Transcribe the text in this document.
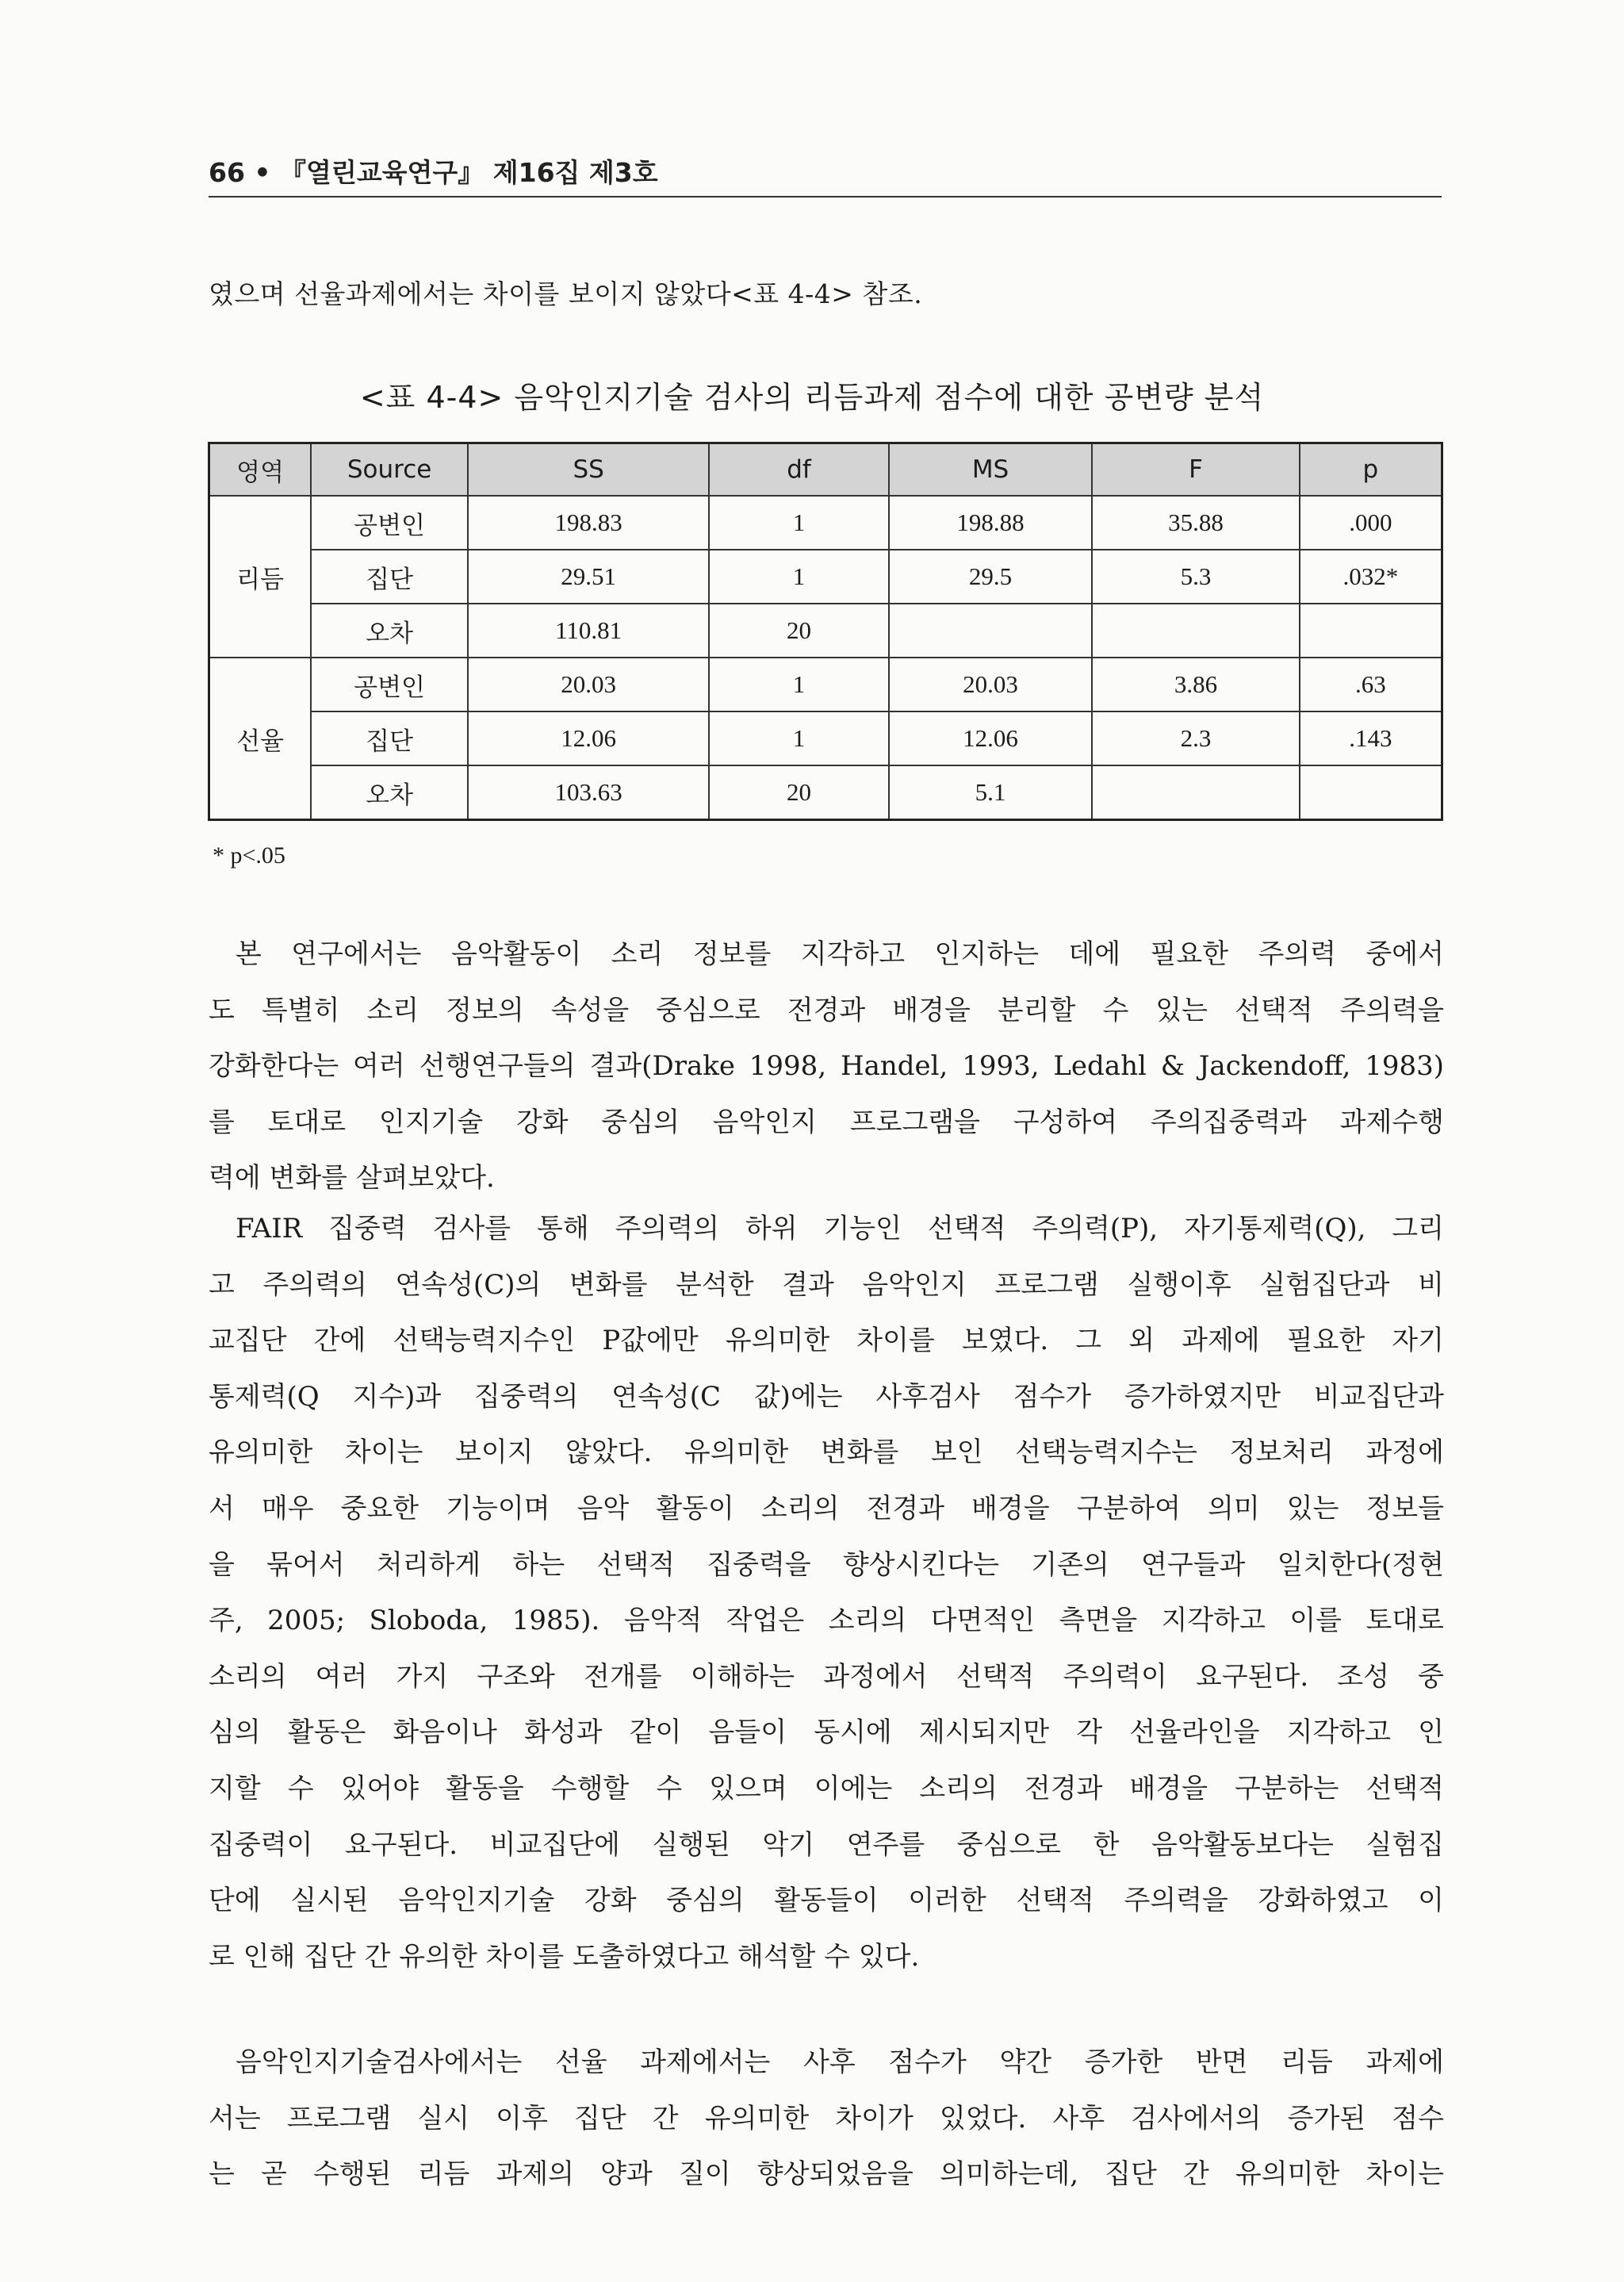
66 • 『열린교육연구』 제16집 제3호
였으며 선율과제에서는 차이를 보이지 않았다<표 4-4> 참조.
<표 4-4> 음악인지기술 검사의 리듬과제 점수에 대한 공변량 분석
영역	Source	SS	df	MS	F	p
리듬	공변인	198.83	1	198.88	35.88	.000
	집단	29.51	1	29.5	5.3	.032*
	오차	110.81	20			
선율	공변인	20.03	1	20.03	3.86	.63
	집단	12.06	1	12.06	2.3	.143
	오차	103.63	20	5.1		
* p<.05

본 연구에서는 음악활동이 소리 정보를 지각하고 인지하는 데에 필요한 주의력 중에서

도 특별히 소리 정보의 속성을 중심으로 전경과 배경을 분리할 수 있는 선택적 주의력을

강화한다는 여러 선행연구들의 결과(Drake 1998, Handel, 1993, Ledahl & Jackendoff, 1983)

를 토대로 인지기술 강화 중심의 음악인지 프로그램을 구성하여 주의집중력과 과제수행

력에 변화를 살펴보았다.

FAIR 집중력 검사를 통해 주의력의 하위 기능인 선택적 주의력(P), 자기통제력(Q), 그리

고 주의력의 연속성(C)의 변화를 분석한 결과 음악인지 프로그램 실행이후 실험집단과 비

교집단 간에 선택능력지수인 P값에만 유의미한 차이를 보였다. 그 외 과제에 필요한 자기

통제력(Q 지수)과 집중력의 연속성(C 값)에는 사후검사 점수가 증가하였지만 비교집단과

유의미한 차이는 보이지 않았다. 유의미한 변화를 보인 선택능력지수는 정보처리 과정에

서 매우 중요한 기능이며 음악 활동이 소리의 전경과 배경을 구분하여 의미 있는 정보들

을 묶어서 처리하게 하는 선택적 집중력을 향상시킨다는 기존의 연구들과 일치한다(정현

주, 2005; Sloboda, 1985). 음악적 작업은 소리의 다면적인 측면을 지각하고 이를 토대로

소리의 여러 가지 구조와 전개를 이해하는 과정에서 선택적 주의력이 요구된다. 조성 중

심의 활동은 화음이나 화성과 같이 음들이 동시에 제시되지만 각 선율라인을 지각하고 인

지할 수 있어야 활동을 수행할 수 있으며 이에는 소리의 전경과 배경을 구분하는 선택적

집중력이 요구된다. 비교집단에 실행된 악기 연주를 중심으로 한 음악활동보다는 실험집

단에 실시된 음악인지기술 강화 중심의 활동들이 이러한 선택적 주의력을 강화하였고 이

로 인해 집단 간 유의한 차이를 도출하였다고 해석할 수 있다.

음악인지기술검사에서는 선율 과제에서는 사후 점수가 약간 증가한 반면 리듬 과제에

서는 프로그램 실시 이후 집단 간 유의미한 차이가 있었다. 사후 검사에서의 증가된 점수

는 곧 수행된 리듬 과제의 양과 질이 향상되었음을 의미하는데, 집단 간 유의미한 차이는
